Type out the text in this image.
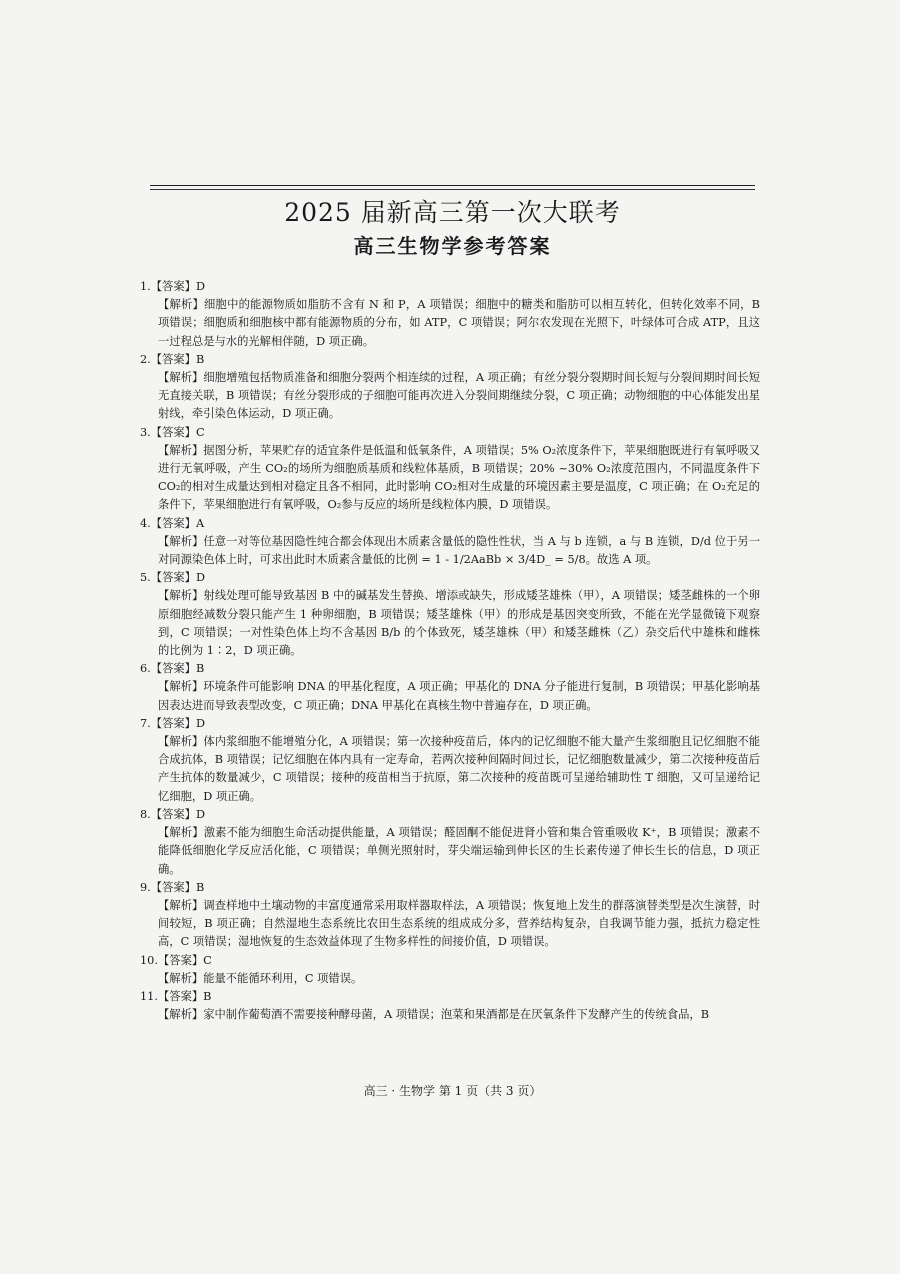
2025 届新高三第一次大联考
高三生物学参考答案
1.【答案】D
【解析】细胞中的能源物质如脂肪不含有 N 和 P，A 项错误；细胞中的糖类和脂肪可以相互转化，但转化效率不同，B 项错误；细胞质和细胞核中都有能源物质的分布，如 ATP，C 项错误；阿尔农发现在光照下，叶绿体可合成 ATP，且这一过程总是与水的光解相伴随，D 项正确。
2.【答案】B
【解析】细胞增殖包括物质准备和细胞分裂两个相连续的过程，A 项正确；有丝分裂分裂期时间长短与分裂间期时间长短无直接关联，B 项错误；有丝分裂形成的子细胞可能再次进入分裂间期继续分裂，C 项正确；动物细胞的中心体能发出星射线，牵引染色体运动，D 项正确。
3.【答案】C
【解析】据图分析，苹果贮存的适宜条件是低温和低氧条件，A 项错误；5% O₂浓度条件下，苹果细胞既进行有氧呼吸又进行无氧呼吸，产生 CO₂的场所为细胞质基质和线粒体基质，B 项错误；20% ~30% O₂浓度范围内，不同温度条件下 CO₂的相对生成量达到相对稳定且各不相同，此时影响 CO₂相对生成量的环境因素主要是温度，C 项正确；在 O₂充足的条件下，苹果细胞进行有氧呼吸，O₂参与反应的场所是线粒体内膜，D 项错误。
4.【答案】A
【解析】任意一对等位基因隐性纯合都会体现出木质素含量低的隐性性状，当 A 与 b 连锁，a 与 B 连锁，D/d 位于另一对同源染色体上时，可求出此时木质素含量低的比例 = 1 - 1/2AaBb × 3/4D_ = 5/8。故选 A 项。
5.【答案】D
【解析】射线处理可能导致基因 B 中的碱基发生替换、增添或缺失，形成矮茎雄株（甲），A 项错误；矮茎雌株的一个卵原细胞经减数分裂只能产生 1 种卵细胞，B 项错误；矮茎雄株（甲）的形成是基因突变所致，不能在光学显微镜下观察到，C 项错误；一对性染色体上均不含基因 B/b 的个体致死，矮茎雄株（甲）和矮茎雌株（乙）杂交后代中雄株和雌株的比例为 1∶2，D 项正确。
6.【答案】B
【解析】环境条件可能影响 DNA 的甲基化程度，A 项正确；甲基化的 DNA 分子能进行复制，B 项错误；甲基化影响基因表达进而导致表型改变，C 项正确；DNA 甲基化在真核生物中普遍存在，D 项正确。
7.【答案】D
【解析】体内浆细胞不能增殖分化，A 项错误；第一次接种疫苗后，体内的记忆细胞不能大量产生浆细胞且记忆细胞不能合成抗体，B 项错误；记忆细胞在体内具有一定寿命，若两次接种间隔时间过长，记忆细胞数量减少，第二次接种疫苗后产生抗体的数量减少，C 项错误；接种的疫苗相当于抗原，第二次接种的疫苗既可呈递给辅助性 T 细胞，又可呈递给记忆细胞，D 项正确。
8.【答案】D
【解析】激素不能为细胞生命活动提供能量，A 项错误；醛固酮不能促进肾小管和集合管重吸收 K⁺，B 项错误；激素不能降低细胞化学反应活化能，C 项错误；单侧光照射时，芽尖端运输到伸长区的生长素传递了伸长生长的信息，D 项正确。
9.【答案】B
【解析】调查样地中土壤动物的丰富度通常采用取样器取样法，A 项错误；恢复地上发生的群落演替类型是次生演替，时间较短，B 项正确；自然湿地生态系统比农田生态系统的组成成分多，营养结构复杂，自我调节能力强，抵抗力稳定性高，C 项错误；湿地恢复的生态效益体现了生物多样性的间接价值，D 项错误。
10.【答案】C
【解析】能量不能循环利用，C 项错误。
11.【答案】B
【解析】家中制作葡萄酒不需要接种酵母菌，A 项错误；泡菜和果酒都是在厌氧条件下发酵产生的传统食品，B
高三 · 生物学 第 1 页（共 3 页）
